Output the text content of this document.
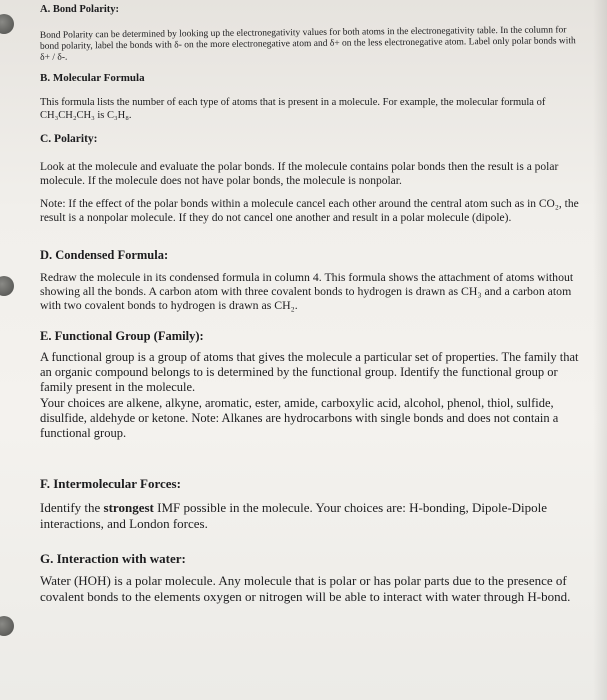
A. Bond Polarity:

Bond Polarity can be determined by looking up the electronegativity values for both atoms in the electronegativity table. In the column for bond polarity, label the bonds with δ- on the more electronegative atom and δ+ on the less electronegative atom. Label only polar bonds with δ+ / δ-.

B. Molecular Formula

This formula lists the number of each type of atoms that is present in a molecule. For example, the molecular formula of CH₃CH₂CH₃ is C₃H₈.

C. Polarity:

Look at the molecule and evaluate the polar bonds. If the molecule contains polar bonds then the result is a polar molecule. If the molecule does not have polar bonds, the molecule is nonpolar.

Note: If the effect of the polar bonds within a molecule cancel each other around the central atom such as in CO₂, the result is a nonpolar molecule. If they do not cancel one another and result in a polar molecule (dipole).

D. Condensed Formula:

Redraw the molecule in its condensed formula in column 4. This formula shows the attachment of atoms without showing all the bonds. A carbon atom with three covalent bonds to hydrogen is drawn as CH₃ and a carbon atom with two covalent bonds to hydrogen is drawn as CH₂.

E. Functional Group (Family):

A functional group is a group of atoms that gives the molecule a particular set of properties. The family that an organic compound belongs to is determined by the functional group. Identify the functional group or family present in the molecule.

Your choices are alkene, alkyne, aromatic, ester, amide, carboxylic acid, alcohol, phenol, thiol, sulfide, disulfide, aldehyde or ketone. Note: Alkanes are hydrocarbons with single bonds and does not contain a functional group.

F. Intermolecular Forces:

Identify the strongest IMF possible in the molecule. Your choices are: H-bonding, Dipole-Dipole interactions, and London forces.

G. Interaction with water:

Water (HOH) is a polar molecule. Any molecule that is polar or has polar parts due to the presence of covalent bonds to the elements oxygen or nitrogen will be able to interact with water through H-bond.
